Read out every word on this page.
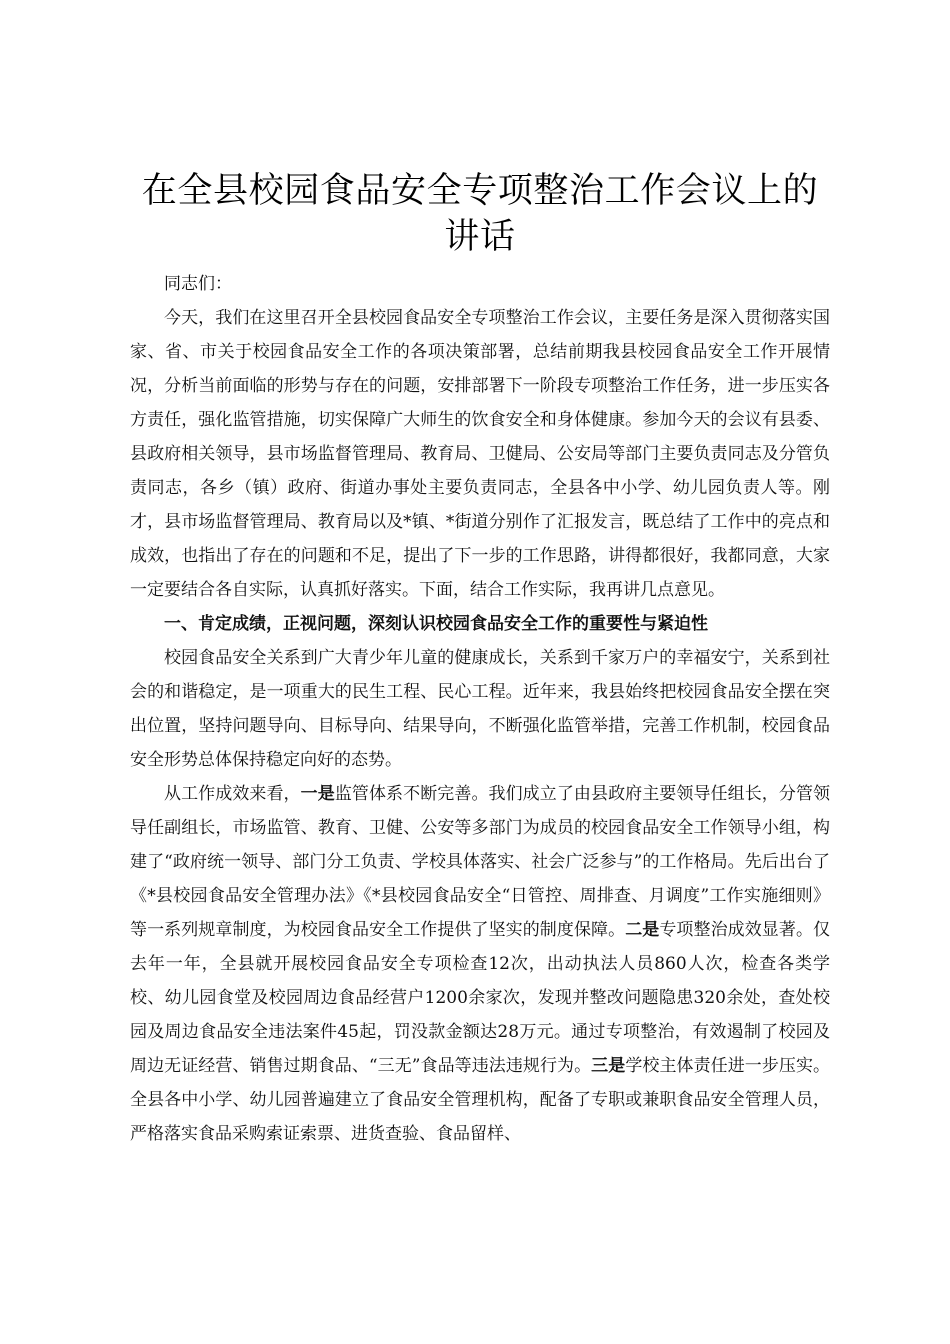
在全县校园食品安全专项整治工作会议上的讲话

同志们：

今天，我们在这里召开全县校园食品安全专项整治工作会议，主要任务是深入贯彻落实国家、省、市关于校园食品安全工作的各项决策部署，总结前期我县校园食品安全工作开展情况，分析当前面临的形势与存在的问题，安排部署下一阶段专项整治工作任务，进一步压实各方责任，强化监管措施，切实保障广大师生的饮食安全和身体健康。参加今天的会议有县委、县政府相关领导，县市场监督管理局、教育局、卫健局、公安局等部门主要负责同志及分管负责同志，各乡（镇）政府、街道办事处主要负责同志，全县各中小学、幼儿园负责人等。刚才，县市场监督管理局、教育局以及*镇、*街道分别作了汇报发言，既总结了工作中的亮点和成效，也指出了存在的问题和不足，提出了下一步的工作思路，讲得都很好，我都同意，大家一定要结合各自实际，认真抓好落实。下面，结合工作实际，我再讲几点意见。

一、肯定成绩，正视问题，深刻认识校园食品安全工作的重要性与紧迫性

校园食品安全关系到广大青少年儿童的健康成长，关系到千家万户的幸福安宁，关系到社会的和谐稳定，是一项重大的民生工程、民心工程。近年来，我县始终把校园食品安全摆在突出位置，坚持问题导向、目标导向、结果导向，不断强化监管举措，完善工作机制，校园食品安全形势总体保持稳定向好的态势。

从工作成效来看，一是监管体系不断完善。我们成立了由县政府主要领导任组长，分管领导任副组长，市场监管、教育、卫健、公安等多部门为成员的校园食品安全工作领导小组，构建了“政府统一领导、部门分工负责、学校具体落实、社会广泛参与”的工作格局。先后出台了《*县校园食品安全管理办法》《*县校园食品安全“日管控、周排查、月调度”工作实施细则》等一系列规章制度，为校园食品安全工作提供了坚实的制度保障。二是专项整治成效显著。仅去年一年，全县就开展校园食品安全专项检查12次，出动执法人员860人次，检查各类学校、幼儿园食堂及校园周边食品经营户1200余家次，发现并整改问题隐患320余处，查处校园及周边食品安全违法案件45起，罚没款金额达28万元。通过专项整治，有效遏制了校园及周边无证经营、销售过期食品、“三无”食品等违法违规行为。三是学校主体责任进一步压实。全县各中小学、幼儿园普遍建立了食品安全管理机构，配备了专职或兼职食品安全管理人员，严格落实食品采购索证索票、进货查验、食品留样、
